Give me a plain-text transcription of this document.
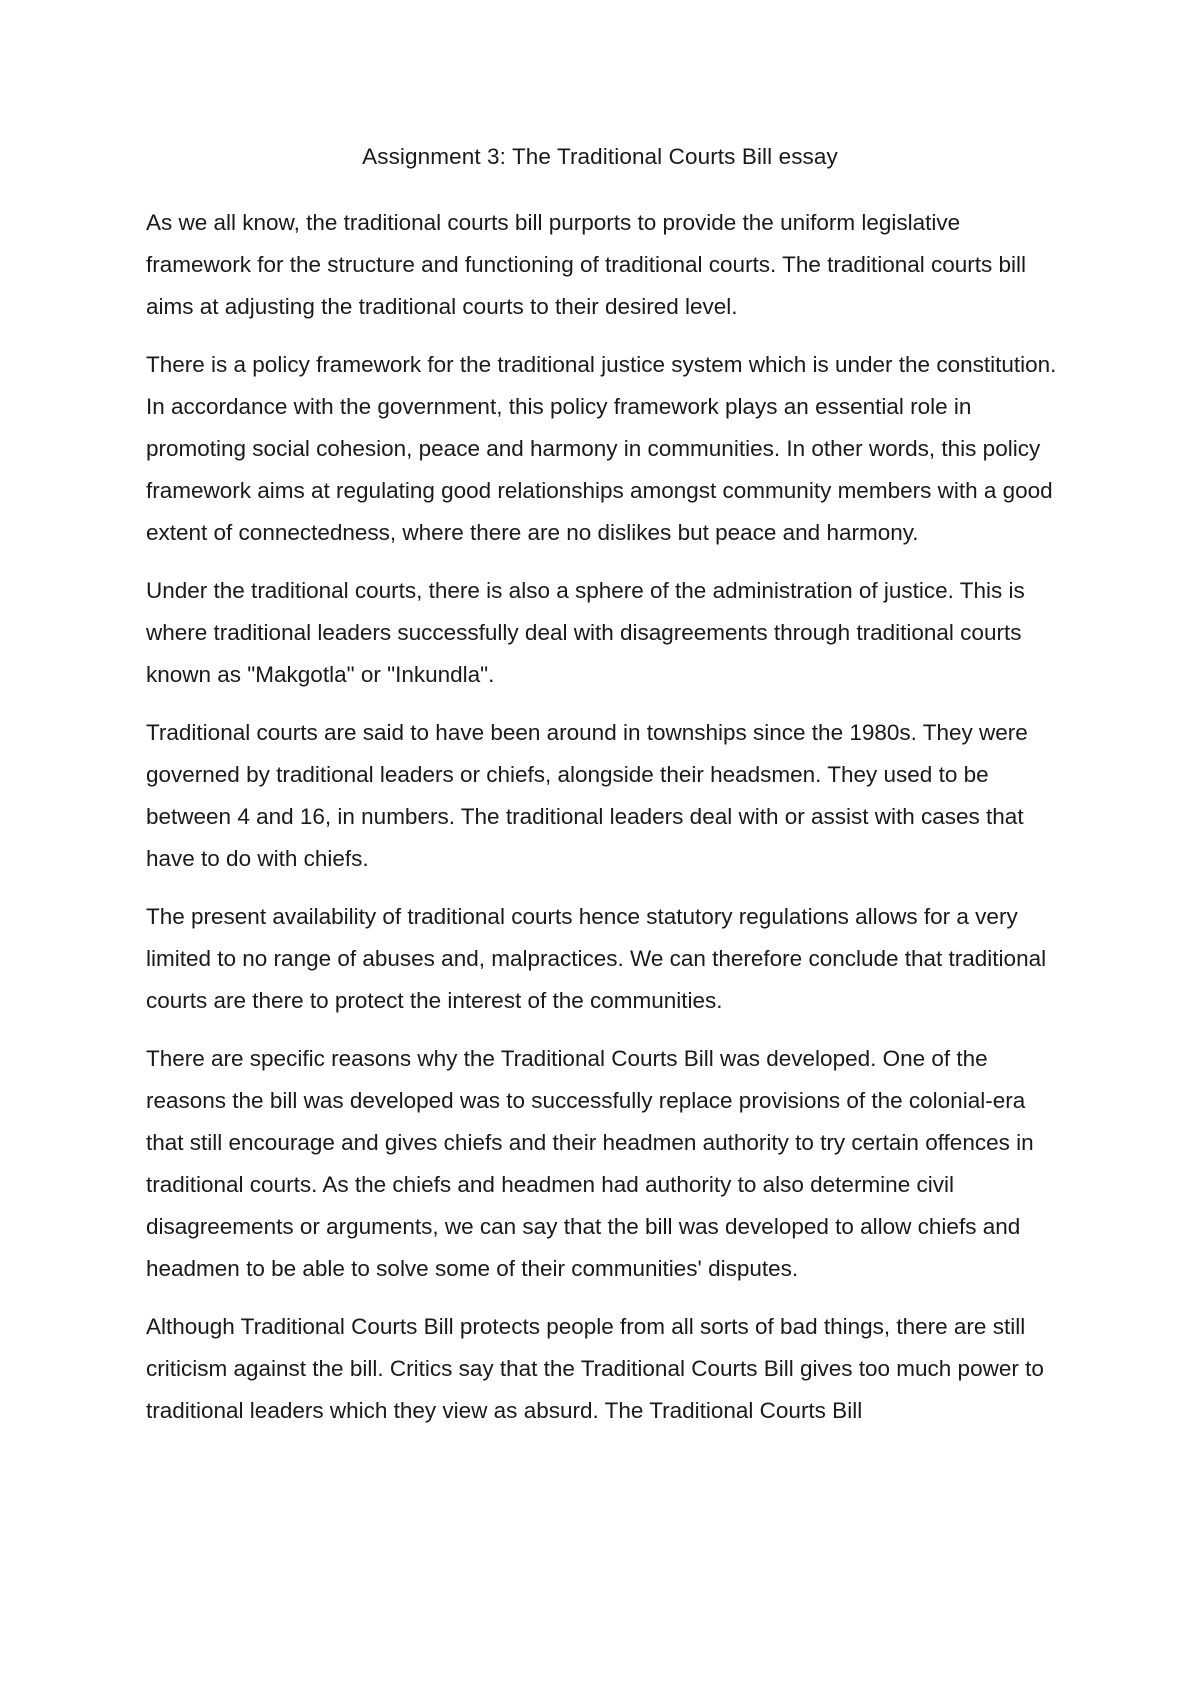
Assignment 3: The Traditional Courts Bill essay

As we all know, the traditional courts bill purports to provide the uniform legislative framework for the structure and functioning of traditional courts. The traditional courts bill aims at adjusting the traditional courts to their desired level.

There is a policy framework for the traditional justice system which is under the constitution. In accordance with the government, this policy framework plays an essential role in promoting social cohesion, peace and harmony in communities. In other words, this policy framework aims at regulating good relationships amongst community members with a good extent of connectedness, where there are no dislikes but peace and harmony.

Under the traditional courts, there is also a sphere of the administration of justice. This is where traditional leaders successfully deal with disagreements through traditional courts known as "Makgotla" or "Inkundla".

Traditional courts are said to have been around in townships since the 1980s. They were governed by traditional leaders or chiefs, alongside their headsmen. They used to be between 4 and 16, in numbers. The traditional leaders deal with or assist with cases that have to do with chiefs.

The present availability of traditional courts hence statutory regulations allows for a very limited to no range of abuses and, malpractices. We can therefore conclude that traditional courts are there to protect the interest of the communities.

There are specific reasons why the Traditional Courts Bill was developed. One of the reasons the bill was developed was to successfully replace provisions of the colonial-era that still encourage and gives chiefs and their headmen authority to try certain offences in traditional courts. As the chiefs and headmen had authority to also determine civil disagreements or arguments, we can say that the bill was developed to allow chiefs and headmen to be able to solve some of their communities' disputes.

Although Traditional Courts Bill protects people from all sorts of bad things, there are still criticism against the bill. Critics say that the Traditional Courts Bill gives too much power to traditional leaders which they view as absurd. The Traditional Courts Bill
